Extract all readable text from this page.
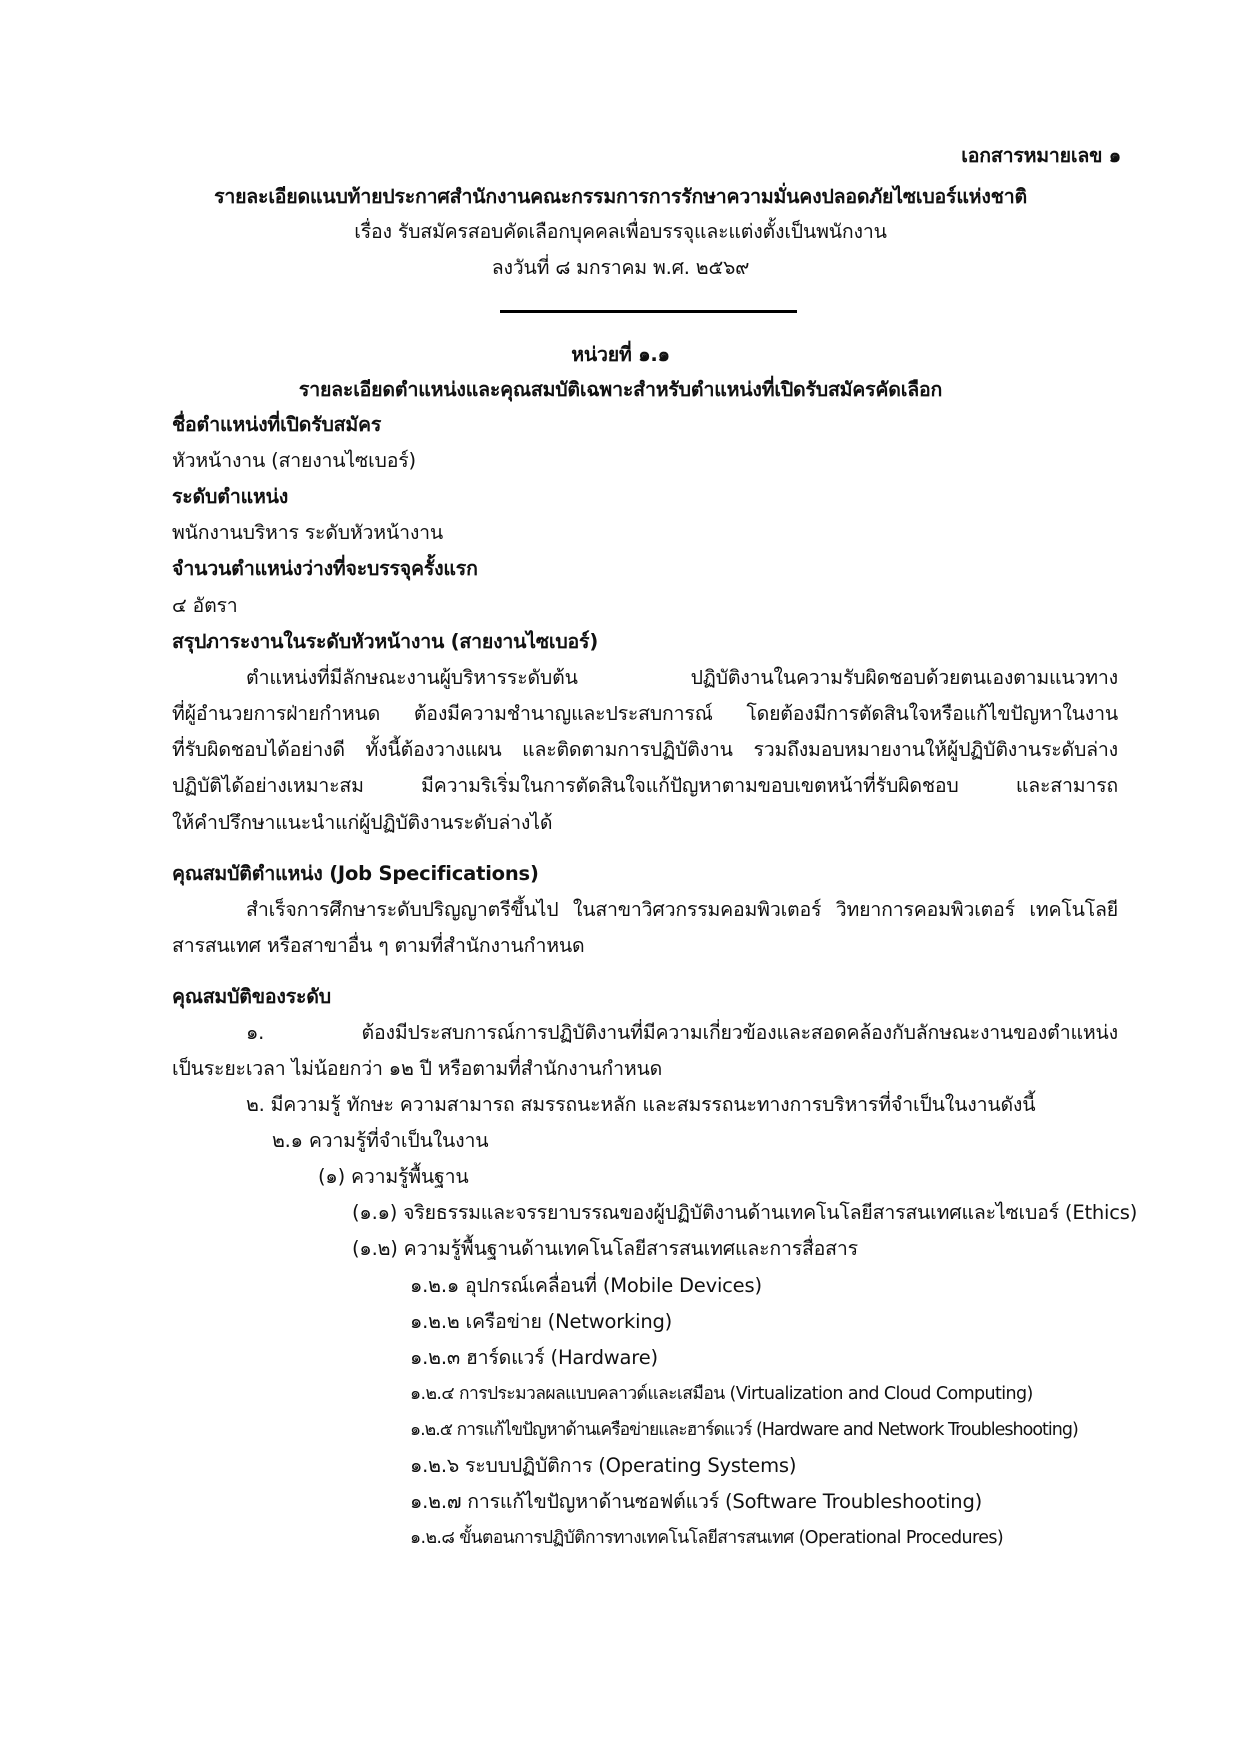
เอกสารหมายเลข ๑
รายละเอียดแนบท้ายประกาศสำนักงานคณะกรรมการการรักษาความมั่นคงปลอดภัยไซเบอร์แห่งชาติ
เรื่อง รับสมัครสอบคัดเลือกบุคคลเพื่อบรรจุและแต่งตั้งเป็นพนักงาน
ลงวันที่ ๘ มกราคม พ.ศ. ๒๕๖๙
หน่วยที่ ๑.๑
รายละเอียดตำแหน่งและคุณสมบัติเฉพาะสำหรับตำแหน่งที่เปิดรับสมัครคัดเลือก
ชื่อตำแหน่งที่เปิดรับสมัคร
หัวหน้างาน (สายงานไซเบอร์)
ระดับตำแหน่ง
พนักงานบริหาร ระดับหัวหน้างาน
จำนวนตำแหน่งว่างที่จะบรรจุครั้งแรก
๔ อัตรา
สรุปภาระงานในระดับหัวหน้างาน (สายงานไซเบอร์)
ตำแหน่งที่มีลักษณะงานผู้บริหารระดับต้น ปฏิบัติงานในความรับผิดชอบด้วยตนเองตามแนวทาง
ที่ผู้อำนวยการฝ่ายกำหนด ต้องมีความชำนาญและประสบการณ์ โดยต้องมีการตัดสินใจหรือแก้ไขปัญหาในงาน
ที่รับผิดชอบได้อย่างดี ทั้งนี้ต้องวางแผน และติดตามการปฏิบัติงาน รวมถึงมอบหมายงานให้ผู้ปฏิบัติงานระดับล่าง
ปฏิบัติได้อย่างเหมาะสม มีความริเริ่มในการตัดสินใจแก้ปัญหาตามขอบเขตหน้าที่รับผิดชอบ และสามารถ
ให้คำปรึกษาแนะนำแก่ผู้ปฏิบัติงานระดับล่างได้
คุณสมบัติตำแหน่ง (Job Specifications)
สำเร็จการศึกษาระดับปริญญาตรีขึ้นไป ในสาขาวิศวกรรมคอมพิวเตอร์ วิทยาการคอมพิวเตอร์ เทคโนโลยี
สารสนเทศ หรือสาขาอื่น ๆ ตามที่สำนักงานกำหนด
คุณสมบัติของระดับ
๑. ต้องมีประสบการณ์การปฏิบัติงานที่มีความเกี่ยวข้องและสอดคล้องกับลักษณะงานของตำแหน่ง
เป็นระยะเวลา ไม่น้อยกว่า ๑๒ ปี หรือตามที่สำนักงานกำหนด
๒. มีความรู้ ทักษะ ความสามารถ สมรรถนะหลัก และสมรรถนะทางการบริหารที่จำเป็นในงานดังนี้
๒.๑ ความรู้ที่จำเป็นในงาน
(๑) ความรู้พื้นฐาน
(๑.๑) จริยธรรมและจรรยาบรรณของผู้ปฏิบัติงานด้านเทคโนโลยีสารสนเทศและไซเบอร์ (Ethics)
(๑.๒) ความรู้พื้นฐานด้านเทคโนโลยีสารสนเทศและการสื่อสาร
๑.๒.๑ อุปกรณ์เคลื่อนที่ (Mobile Devices)
๑.๒.๒ เครือข่าย (Networking)
๑.๒.๓ ฮาร์ดแวร์ (Hardware)
๑.๒.๔ การประมวลผลแบบคลาวด์และเสมือน (Virtualization and Cloud Computing)
๑.๒.๕ การแก้ไขปัญหาด้านเครือข่ายและฮาร์ดแวร์ (Hardware and Network Troubleshooting)
๑.๒.๖ ระบบปฏิบัติการ (Operating Systems)
๑.๒.๗ การแก้ไขปัญหาด้านซอฟต์แวร์ (Software Troubleshooting)
๑.๒.๘ ขั้นตอนการปฏิบัติการทางเทคโนโลยีสารสนเทศ (Operational Procedures)
